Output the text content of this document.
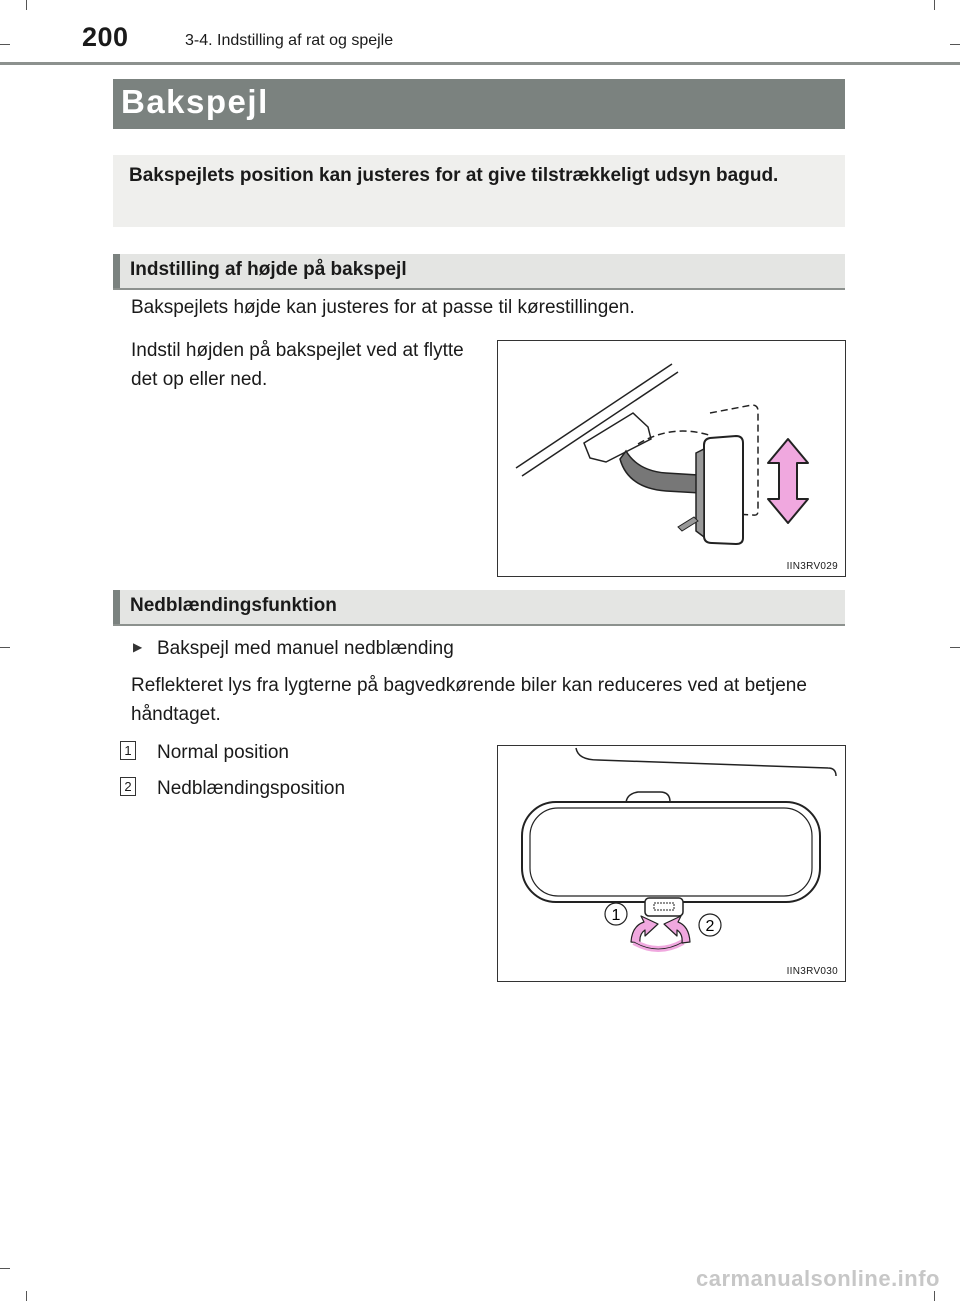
200	3-4. Indstilling af rat og spejle
Bakspejl

Bakspejlets position kan justeres for at give tilstrækkeligt udsyn bagud.

Indstilling af højde på bakspejl
Bakspejlets højde kan justeres for at passe til kørestillingen.
Indstil højden på bakspejlet ved at flytte det op eller ned.
IIN3RV029
Nedblændingsfunktion
▶ Bakspejl med manuel nedblænding
Reflekteret lys fra lygterne på bagvedkørende biler kan reduceres ved at betjene håndtaget.
1 Normal position
2 Nedblændingsposition
1
2
IIN3RV030
carmanualsonline.info
